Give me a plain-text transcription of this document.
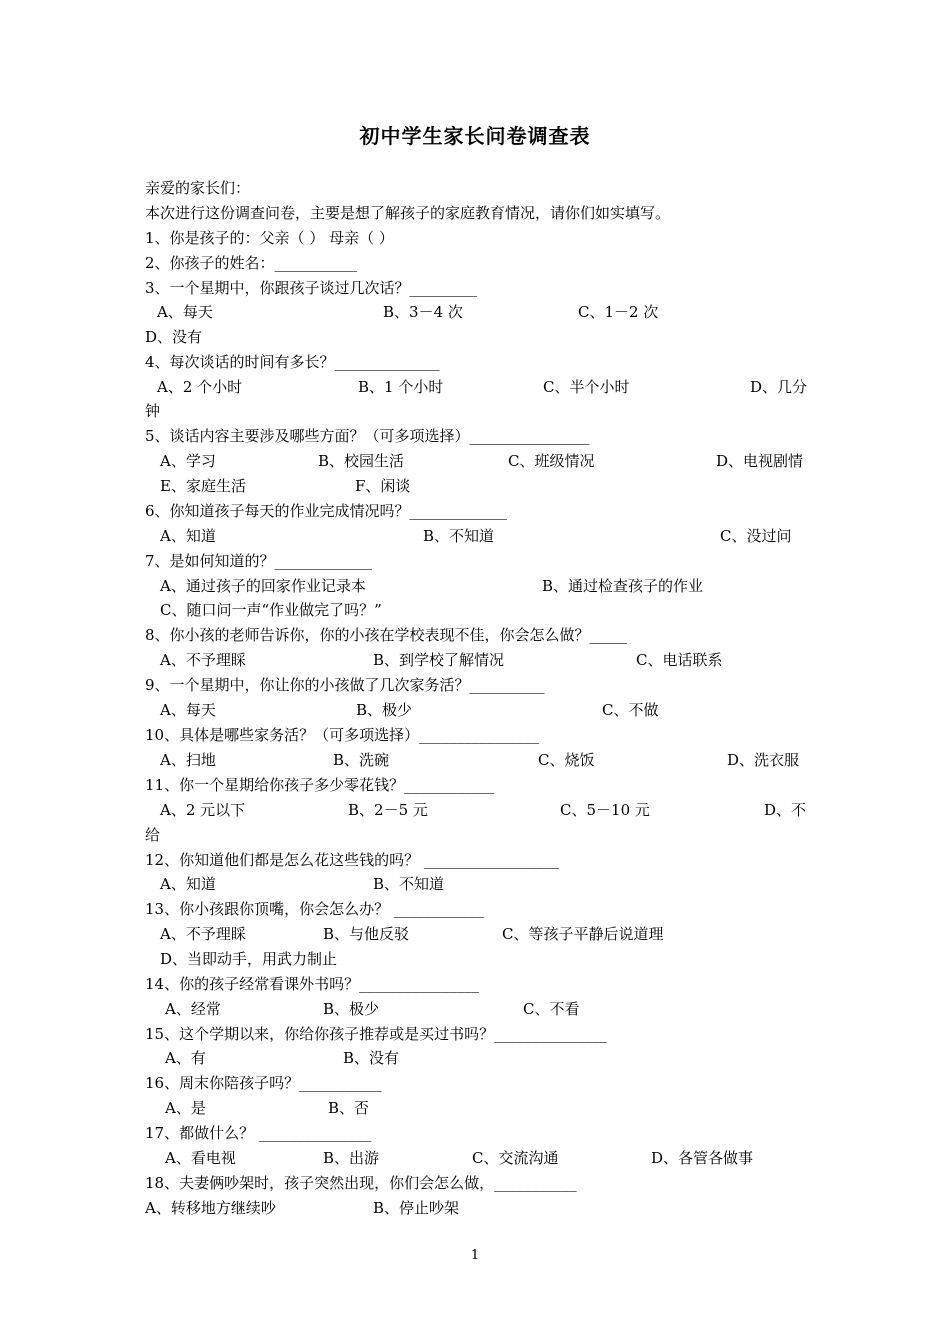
初中学生家长问卷调查表
亲爱的家长们：
本次进行这份调查问卷，主要是想了解孩子的家庭教育情况，请你们如实填写。
1、你是孩子的：父亲（ ） 母亲（ ）
2、你孩子的姓名：___________
3、一个星期中，你跟孩子谈过几次话？_________
A、每天	B、3－4 次	C、1－2 次
D、没有
4、每次谈话的时间有多长？______________
A、2 个小时	B、1 个小时	C、半个小时	D、几分
钟
5、谈话内容主要涉及哪些方面？（可多项选择）________________
A、学习	B、校园生活	C、班级情况	D、电视剧情
E、家庭生活	F、闲谈
6、你知道孩子每天的作业完成情况吗？_____________
A、知道	B、不知道	C、没过问
7、是如何知道的？_____________
A、通过孩子的回家作业记录本	B、通过检查孩子的作业
C、随口问一声“作业做完了吗？”
8、你小孩的老师告诉你，你的小孩在学校表现不佳，你会怎么做？_____
A、不予理睬	B、到学校了解情况	C、电话联系
9、一个星期中，你让你的小孩做了几次家务活？__________
A、每天	B、极少	C、不做
10、具体是哪些家务活？（可多项选择）________________
A、扫地	B、洗碗	C、烧饭	D、洗衣服
11、你一个星期给你孩子多少零花钱？____________
A、2 元以下	B、2－5 元	C、5－10 元	D、不
给
12、你知道他们都是怎么花这些钱的吗？ __________________
A、知道	B、不知道
13、你小孩跟你顶嘴，你会怎么办？ ____________
A、不予理睬	B、与他反驳	C、等孩子平静后说道理
D、当即动手，用武力制止
14、你的孩子经常看课外书吗？________________
A、经常	B、极少	C、不看
15、这个学期以来，你给你孩子推荐或是买过书吗？_______________
A、有	B、没有
16、周末你陪孩子吗？___________
A、是	B、否
17、都做什么？ _______________
A、看电视	B、出游	C、交流沟通	D、各管各做事
18、夫妻俩吵架时，孩子突然出现，你们会怎么做，___________
A、转移地方继续吵	B、停止吵架
1
